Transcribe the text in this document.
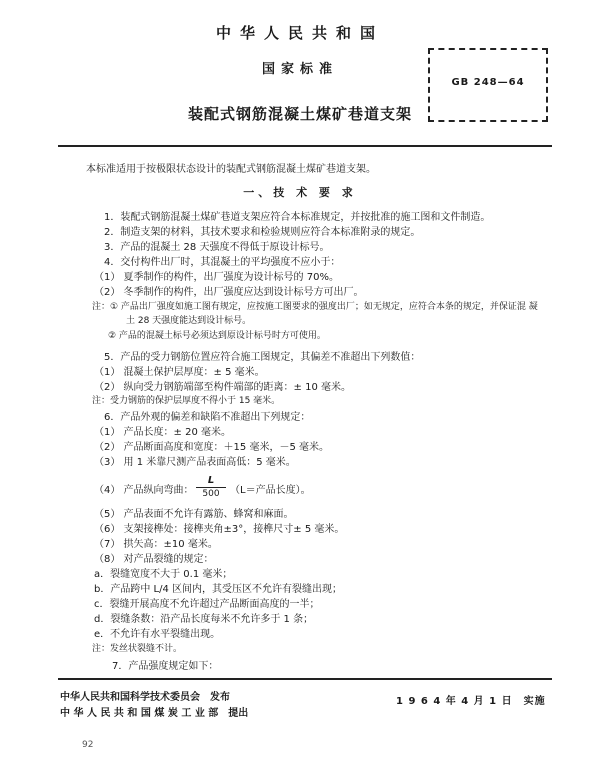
中华人民共和国
国家标准
GB 248—64
装配式钢筋混凝土煤矿巷道支架
本标准适用于按极限状态设计的装配式钢筋混凝土煤矿巷道支架。
一、技 术 要 求
1．装配式钢筋混凝土煤矿巷道支架应符合本标准规定，并按批准的施工图和文件制造。
2．制造支架的材料，其技术要求和检验规则应符合本标准附录的规定。
3．产品的混凝土 28 天强度不得低于原设计标号。
4．交付构件出厂时，其混凝土的平均强度不应小于：
（1） 夏季制作的构件，出厂强度为设计标号的 70%。
（2） 冬季制作的构件，出厂强度应达到设计标号方可出厂。
注：① 产品出厂强度如施工图有规定，应按施工图要求的强度出厂；如无规定，应符合本条的规定，并保证混 凝
土 28 天强度能达到设计标号。
② 产品的混凝土标号必须达到原设计标号时方可使用。
5．产品的受力钢筋位置应符合施工图规定，其偏差不准超出下列数值：
（1） 混凝土保护层厚度：± 5 毫米。
（2） 纵向受力钢筋端部至构件端部的距离：± 10 毫米。
注：受力钢筋的保护层厚度不得小于 15 毫米。
6．产品外观的偏差和缺陷不准超出下列规定：
（1） 产品长度：± 20 毫米。
（2） 产品断面高度和宽度：＋15 毫米，－5 毫米。
（3） 用 1 米靠尺测产品表面高低：5 毫米。
（4） 产品纵向弯曲：
L
500	（L＝产品长度）。
（5） 产品表面不允许有露筋、蜂窝和麻面。
（6） 支架接榫处：接榫夹角±3°，接榫尺寸± 5 毫米。
（7） 拱矢高：±10 毫米。
（8） 对产品裂缝的规定：
a．裂缝宽度不大于 0.1 毫米；
b．产品跨中 L/4 区间内，其受压区不允许有裂缝出现；
c．裂缝开展高度不允许超过产品断面高度的一半；
d．裂缝条数：沿产品长度每米不允许多于 1 条；
e．不允许有水平裂缝出现。
注：发丝状裂缝不计。
7．产品强度规定如下：
中华人民共和国科学技术委员会　发布
中 华 人 民 共 和 国 煤 炭 工 业 部　提出
1 9 6 4 年 4 月 1 日　实施
92
